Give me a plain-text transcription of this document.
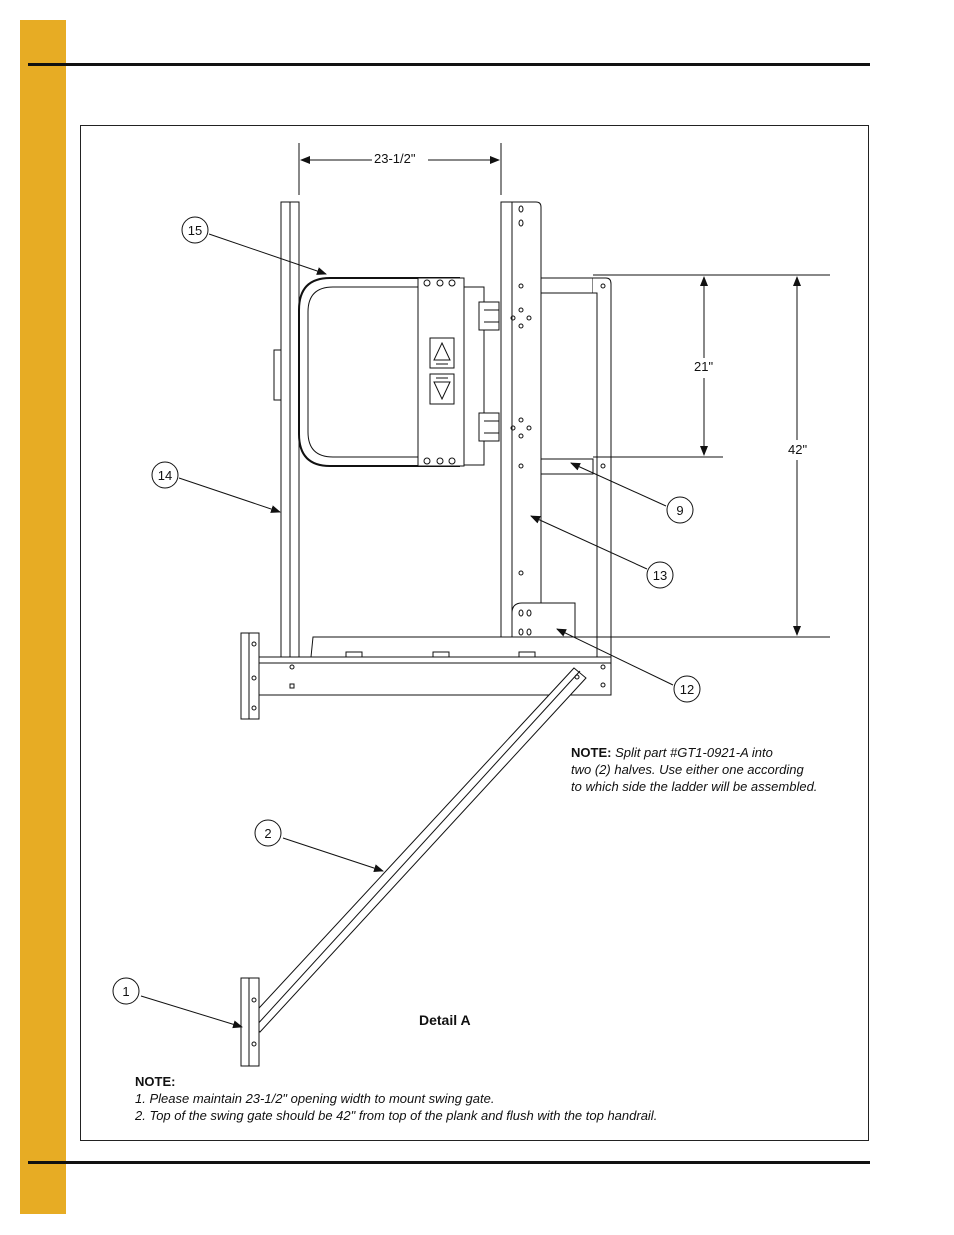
15
14
9
13
12
2
1
23-1/2"
21"
42"
NOTE: Split part #GT1-0921-A into
two (2) halves. Use either one according
to which side the ladder will be assembled.
Detail A
NOTE:
1. Please maintain 23-1/2" opening width to mount swing gate.
2. Top of the swing gate should be 42" from top of the plank and flush with the top handrail.
